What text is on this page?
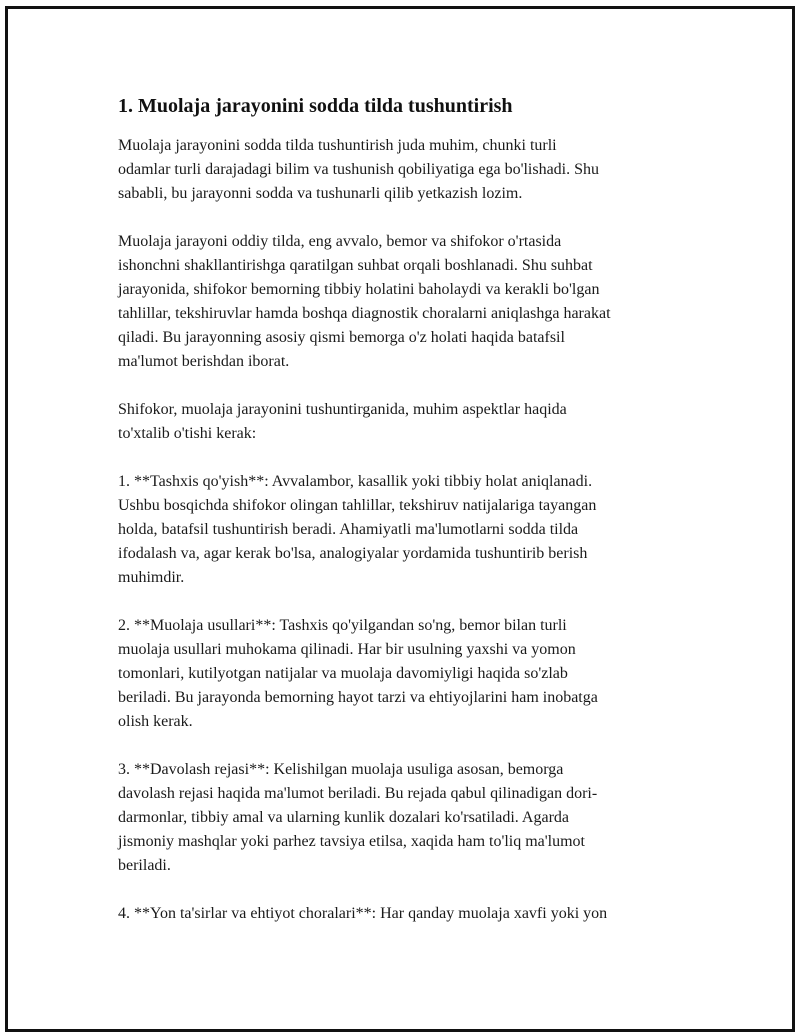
1. Muolaja jarayonini sodda tilda tushuntirish

Muolaja jarayonini sodda tilda tushuntirish juda muhim, chunki turli
odamlar turli darajadagi bilim va tushunish qobiliyatiga ega bo'lishadi. Shu
sababli, bu jarayonni sodda va tushunarli qilib yetkazish lozim.

Muolaja jarayoni oddiy tilda, eng avvalo, bemor va shifokor o'rtasida
ishonchni shakllantirishga qaratilgan suhbat orqali boshlanadi. Shu suhbat
jarayonida, shifokor bemorning tibbiy holatini baholaydi va kerakli bo'lgan
tahlillar, tekshiruvlar hamda boshqa diagnostik choralarni aniqlashga harakat
qiladi. Bu jarayonning asosiy qismi bemorga o'z holati haqida batafsil
ma'lumot berishdan iborat.

Shifokor, muolaja jarayonini tushuntirganida, muhim aspektlar haqida
to'xtalib o'tishi kerak:

1. **Tashxis qo'yish**: Avvalambor, kasallik yoki tibbiy holat aniqlanadi.
Ushbu bosqichda shifokor olingan tahlillar, tekshiruv natijalariga tayangan
holda, batafsil tushuntirish beradi. Ahamiyatli ma'lumotlarni sodda tilda
ifodalash va, agar kerak bo'lsa, analogiyalar yordamida tushuntirib berish
muhimdir.

2. **Muolaja usullari**: Tashxis qo'yilgandan so'ng, bemor bilan turli
muolaja usullari muhokama qilinadi. Har bir usulning yaxshi va yomon
tomonlari, kutilyotgan natijalar va muolaja davomiyligi haqida so'zlab
beriladi. Bu jarayonda bemorning hayot tarzi va ehtiyojlarini ham inobatga
olish kerak.

3. **Davolash rejasi**: Kelishilgan muolaja usuliga asosan, bemorga
davolash rejasi haqida ma'lumot beriladi. Bu rejada qabul qilinadigan dori-
darmonlar, tibbiy amal va ularning kunlik dozalari ko'rsatiladi. Agarda
jismoniy mashqlar yoki parhez tavsiya etilsa, xaqida ham to'liq ma'lumot
beriladi.

4. **Yon ta'sirlar va ehtiyot choralari**: Har qanday muolaja xavfi yoki yon
